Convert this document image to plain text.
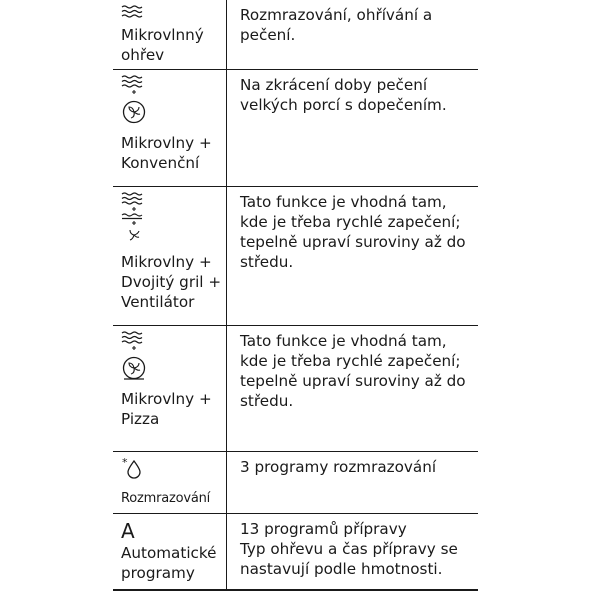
Mikrovlnný
ohřev
Rozmrazování, ohřívání a
pečení.
Mikrovlny +
Konvenční
Na zkrácení doby pečení
velkých porcí s dopečením.
Mikrovlny +
Dvojitý gril +
Ventilátor
Tato funkce je vhodná tam,
kde je třeba rychlé zapečení;
tepelně upraví suroviny až do
středu.
Mikrovlny +
Pizza
Tato funkce je vhodná tam,
kde je třeba rychlé zapečení;
tepelně upraví suroviny až do
středu.
*
Rozmrazování
3 programy rozmrazování
A
Automatické
programy
13 programů přípravy
Typ ohřevu a čas přípravy se
nastavují podle hmotnosti.
